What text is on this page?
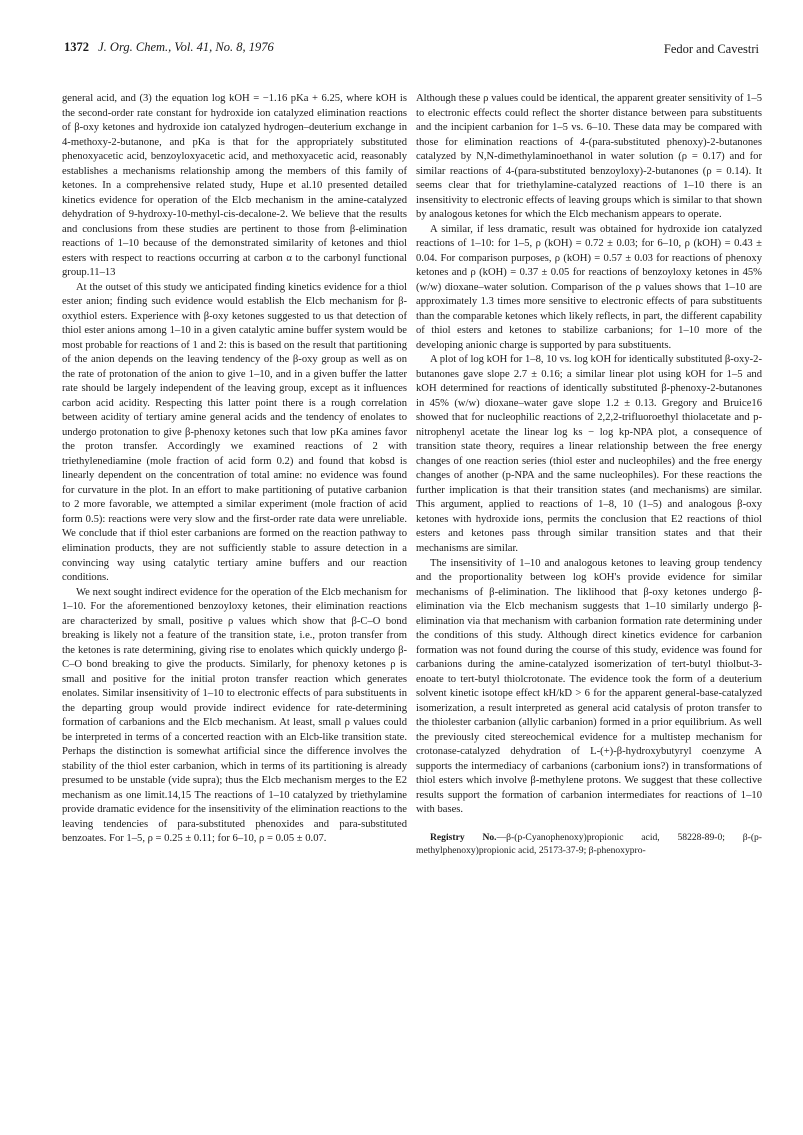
1372 J. Org. Chem., Vol. 41, No. 8, 1976	Fedor and Cavestri

general acid, and (3) the equation log kOH = −1.16 pKa + 6.25, where kOH is the second-order rate constant for hydroxide ion catalyzed elimination reactions of β-oxy ketones and hydroxide ion catalyzed hydrogen–deuterium exchange in 4-methoxy-2-butanone, and pKa is that for the appropriately substituted phenoxyacetic acid, benzoyloxyacetic acid, and methoxyacetic acid, reasonably establishes a mechanisms relationship among the members of this family of ketones. In a comprehensive related study, Hupe et al.10 presented detailed kinetics evidence for operation of the Elcb mechanism in the amine-catalyzed dehydration of 9-hydroxy-10-methyl-cis-decalone-2. We believe that the results and conclusions from these studies are pertinent to those from β-elimination reactions of 1–10 because of the demonstrated similarity of ketones and thiol esters with respect to reactions occurring at carbon α to the carbonyl functional group.11–13

At the outset of this study we anticipated finding kinetics evidence for a thiol ester anion; finding such evidence would establish the Elcb mechanism for β-oxythiol esters. Experience with β-oxy ketones suggested to us that detection of thiol ester anions among 1–10 in a given catalytic amine buffer system would be most probable for reactions of 1 and 2: this is based on the result that partitioning of the anion depends on the leaving tendency of the β-oxy group as well as on the rate of protonation of the anion to give 1–10, and in a given buffer the latter rate should be largely independent of the leaving group, except as it influences carbon acid acidity. Respecting this latter point there is a rough correlation between acidity of tertiary amine general acids and the tendency of enolates to undergo protonation to give β-phenoxy ketones such that low pKa amines favor the proton transfer. Accordingly we examined reactions of 2 with triethylenediamine (mole fraction of acid form 0.2) and found that kobsd is linearly dependent on the concentration of total amine: no evidence was found for curvature in the plot. In an effort to make partitioning of putative carbanion to 2 more favorable, we attempted a similar experiment (mole fraction of acid form 0.5): reactions were very slow and the first-order rate data were unreliable. We conclude that if thiol ester carbanions are formed on the reaction pathway to elimination products, they are not sufficiently stable to assure detection in a convincing way using catalytic tertiary amine buffers and our reaction conditions.

We next sought indirect evidence for the operation of the Elcb mechanism for 1–10. For the aforementioned benzoyloxy ketones, their elimination reactions are characterized by small, positive ρ values which show that β-C–O bond breaking is likely not a feature of the transition state, i.e., proton transfer from the ketones is rate determining, giving rise to enolates which quickly undergo β-C–O bond breaking to give the products. Similarly, for phenoxy ketones ρ is small and positive for the initial proton transfer reaction which generates enolates. Similar insensitivity of 1–10 to electronic effects of para substituents in the departing group would provide indirect evidence for rate-determining formation of carbanions and the Elcb mechanism. At least, small ρ values could be interpreted in terms of a concerted reaction with an Elcb-like transition state. Perhaps the distinction is somewhat artificial since the difference involves the stability of the thiol ester carbanion, which in terms of its partitioning is already presumed to be unstable (vide supra); thus the Elcb mechanism merges to the E2 mechanism as one limit.14,15 The reactions of 1–10 catalyzed by triethylamine provide dramatic evidence for the insensitivity of the elimination reactions to the leaving tendencies of para-substituted phenoxides and para-substituted benzoates. For 1–5, ρ = 0.25 ± 0.11; for 6–10, ρ = 0.05 ± 0.07.

Although these ρ values could be identical, the apparent greater sensitivity of 1–5 to electronic effects could reflect the shorter distance between para substituents and the incipient carbanion for 1–5 vs. 6–10. These data may be compared with those for elimination reactions of 4-(para-substituted phenoxy)-2-butanones catalyzed by N,N-dimethylaminoethanol in water solution (ρ = 0.17) and for similar reactions of 4-(para-substituted benzoyloxy)-2-butanones (ρ = 0.14). It seems clear that for triethylamine-catalyzed reactions of 1–10 there is an insensitivity to electronic effects of leaving groups which is similar to that shown by analogous ketones for which the Elcb mechanism appears to operate.

A similar, if less dramatic, result was obtained for hydroxide ion catalyzed reactions of 1–10: for 1–5, ρ (kOH) = 0.72 ± 0.03; for 6–10, ρ (kOH) = 0.43 ± 0.04. For comparison purposes, ρ (kOH) = 0.57 ± 0.03 for reactions of phenoxy ketones and ρ (kOH) = 0.37 ± 0.05 for reactions of benzoyloxy ketones in 45% (w/w) dioxane–water solution. Comparison of the ρ values shows that 1–10 are approximately 1.3 times more sensitive to electronic effects of para substituents than the comparable ketones which likely reflects, in part, the different capability of thiol esters and ketones to stabilize carbanions; for 1–10 more of the developing anionic charge is supported by para substituents.

A plot of log kOH for 1–8, 10 vs. log kOH for identically substituted β-oxy-2-butanones gave slope 2.7 ± 0.16; a similar linear plot using kOH for 1–5 and kOH determined for reactions of identically substituted β-phenoxy-2-butanones in 45% (w/w) dioxane–water gave slope 1.2 ± 0.13. Gregory and Bruice16 showed that for nucleophilic reactions of 2,2,2-trifluoroethyl thiolacetate and p-nitrophenyl acetate the linear log ks − log kp-NPA plot, a consequence of transition state theory, requires a linear relationship between the free energy changes of one reaction series (thiol ester and nucleophiles) and the free energy changes of another (p-NPA and the same nucleophiles). For these reactions the further implication is that their transition states (and mechanisms) are similar. This argument, applied to reactions of 1–8, 10 (1–5) and analogous β-oxy ketones with hydroxide ions, permits the conclusion that E2 reactions of thiol esters and ketones pass through similar transition states and that their mechanisms are similar.

The insensitivity of 1–10 and analogous ketones to leaving group tendency and the proportionality between log kOH's provide evidence for similar mechanisms of β-elimination. The liklihood that β-oxy ketones undergo β-elimination via the Elcb mechanism suggests that 1–10 similarly undergo β-elimination via that mechanism with carbanion formation rate determining under the conditions of this study. Although direct kinetics evidence for carbanion formation was not found during the course of this study, evidence was found for carbanions during the amine-catalyzed isomerization of tert-butyl thiolbut-3-enoate to tert-butyl thiolcrotonate. The evidence took the form of a deuterium solvent kinetic isotope effect kH/kD > 6 for the apparent general-base-catalyzed isomerization, a result interpreted as general acid catalysis of proton transfer to the thiolester carbanion (allylic carbanion) formed in a prior equilibrium. As well the previously cited stereochemical evidence for a multistep mechanism for crotonase-catalyzed dehydration of L-(+)-β-hydroxybutyryl coenzyme A supports the intermediacy of carbanions (carbonium ions?) in transformations of thiol esters which involve β-methylene protons. We suggest that these collective results support the formation of carbanion intermediates for reactions of 1–10 with bases.

Registry No.—β-(p-Cyanophenoxy)propionic acid, 58228-89-0; β-(p-methylphenoxy)propionic acid, 25173-37-9; β-phenoxypro-
